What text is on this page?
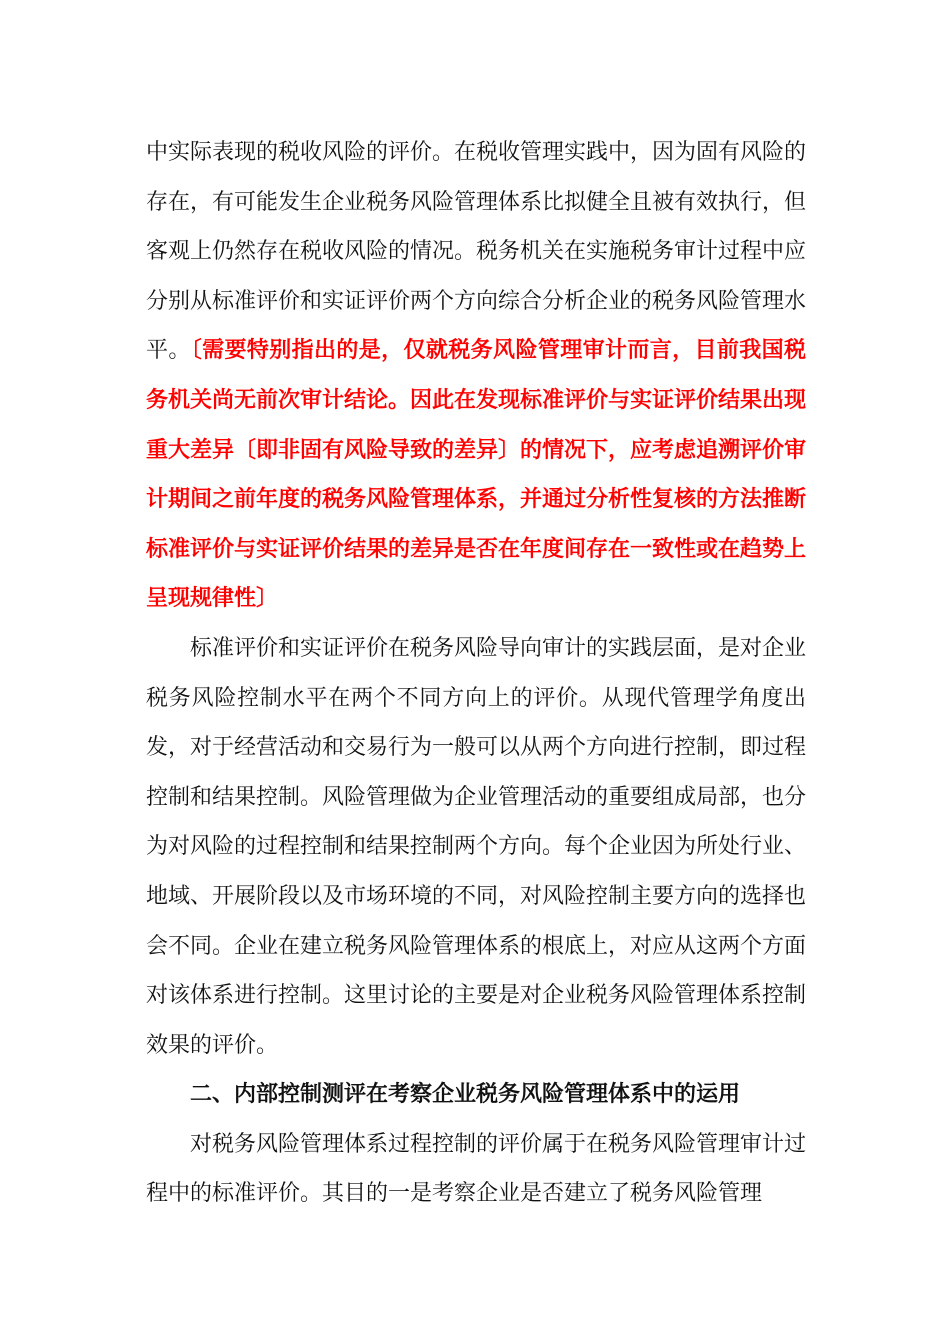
中实际表现的税收风险的评价。在税收管理实践中，因为固有风险的存在，有可能发生企业税务风险管理体系比拟健全且被有效执行，但客观上仍然存在税收风险的情况。税务机关在实施税务审计过程中应分别从标准评价和实证评价两个方向综合分析企业的税务风险管理水平。〔需要特别指出的是，仅就税务风险管理审计而言，目前我国税务机关尚无前次审计结论。因此在发现标准评价与实证评价结果出现重大差异〔即非固有风险导致的差异〕的情况下，应考虑追溯评价审计期间之前年度的税务风险管理体系，并通过分析性复核的方法推断标准评价与实证评价结果的差异是否在年度间存在一致性或在趋势上呈现规律性〕

标准评价和实证评价在税务风险导向审计的实践层面，是对企业税务风险控制水平在两个不同方向上的评价。从现代管理学角度出发，对于经营活动和交易行为一般可以从两个方向进行控制，即过程控制和结果控制。风险管理做为企业管理活动的重要组成局部，也分为对风险的过程控制和结果控制两个方向。每个企业因为所处行业、地域、开展阶段以及市场环境的不同，对风险控制主要方向的选择也会不同。企业在建立税务风险管理体系的根底上，对应从这两个方面对该体系进行控制。这里讨论的主要是对企业税务风险管理体系控制效果的评价。

二、内部控制测评在考察企业税务风险管理体系中的运用

对税务风险管理体系过程控制的评价属于在税务风险管理审计过程中的标准评价。其目的一是考察企业是否建立了税务风险管理
